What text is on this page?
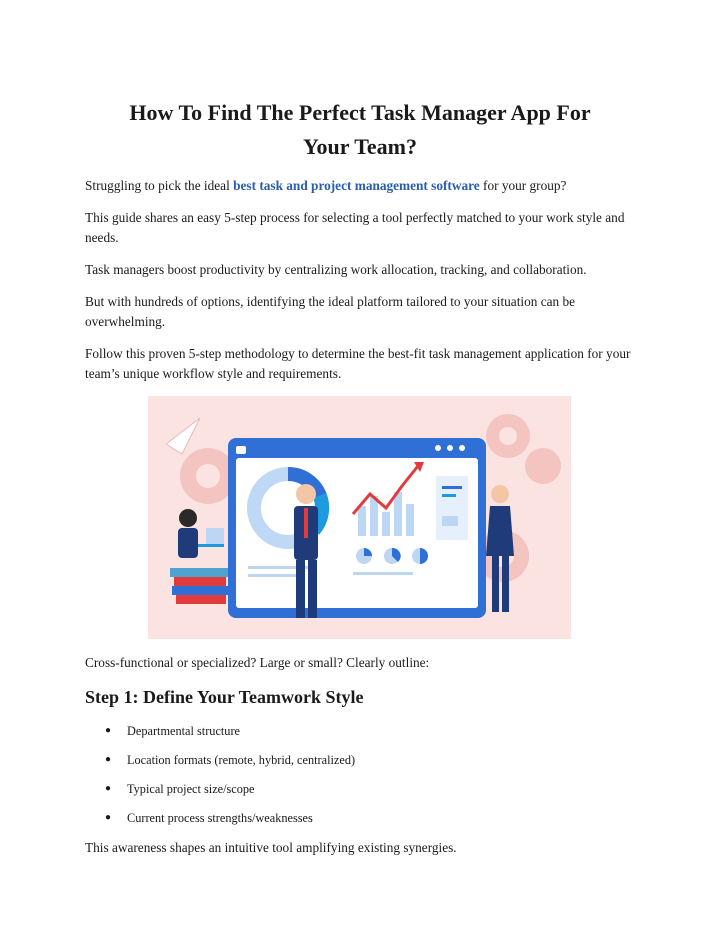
How To Find The Perfect Task Manager App For Your Team?

Struggling to pick the ideal best task and project management software for your group?

This guide shares an easy 5-step process for selecting a tool perfectly matched to your work style and needs.

Task managers boost productivity by centralizing work allocation, tracking, and collaboration.

But with hundreds of options, identifying the ideal platform tailored to your situation can be overwhelming.

Follow this proven 5-step methodology to determine the best-fit task management application for your team’s unique workflow style and requirements.

Cross-functional or specialized? Large or small? Clearly outline:

Step 1: Define Your Teamwork Style
● Departmental structure
● Location formats (remote, hybrid, centralized)
● Typical project size/scope
● Current process strengths/weaknesses

This awareness shapes an intuitive tool amplifying existing synergies.
